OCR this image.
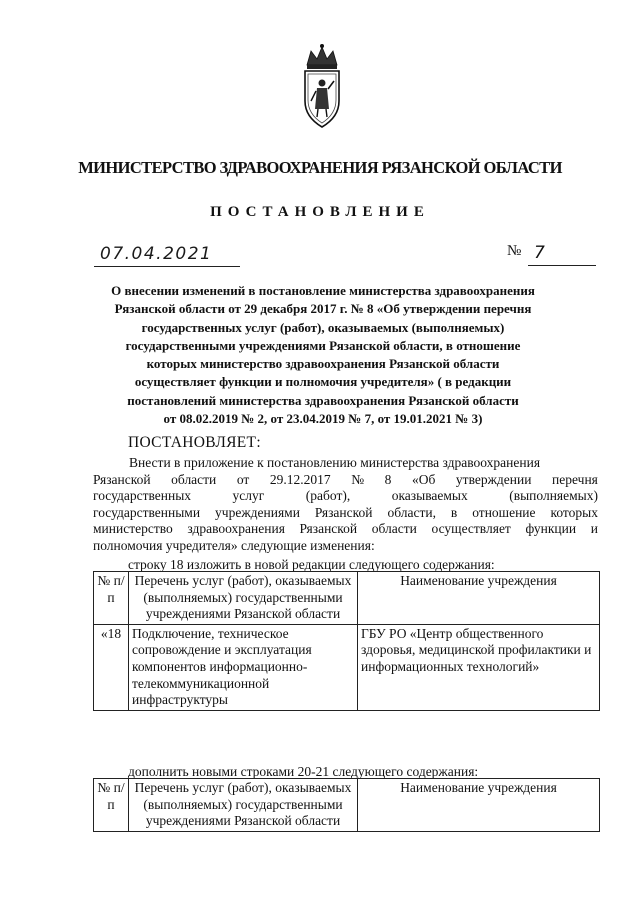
МИНИСТЕРСТВО ЗДРАВООХРАНЕНИЯ РЯЗАНСКОЙ ОБЛАСТИ
ПОСТАНОВЛЕНИЕ
07.04.2021	№ 7
О внесении изменений в постановление министерства здравоохранения
Рязанской области от 29 декабря 2017 г. № 8 «Об утверждении перечня
государственных услуг (работ), оказываемых (выполняемых)
государственными учреждениями Рязанской области, в отношение
которых министерство здравоохранения Рязанской области
осуществляет функции и полномочия учредителя» ( в редакции
постановлений министерства здравоохранения Рязанской области
от 08.02.2019 № 2, от 23.04.2019 № 7, от 19.01.2021 № 3)
ПОСТАНОВЛЯЕТ:
Внести в приложение к постановлению министерства здравоохранения
Рязанской области от 29.12.2017 № 8 «Об утверждении перечня
государственных	услуг	(работ),	оказываемых	(выполняемых)
государственными учреждениями Рязанской области, в отношение которых
министерство здравоохранения Рязанской области осуществляет функции и
полномочия учредителя» следующие изменения:
строку 18 изложить в новой редакции следующего содержания:
№ п/п	Перечень услуг (работ), оказываемых (выполняемых) государственными учреждениями Рязанской области	Наименование учреждения
«18	Подключение, техническое сопровождение и эксплуатация компонентов информационно-телекоммуникационной инфраструктуры	ГБУ РО «Центр общественного здоровья, медицинской профилактики и информационных технологий»
дополнить новыми строками 20-21 следующего содержания:
№ п/п	Перечень услуг (работ), оказываемых (выполняемых) государственными учреждениями Рязанской области	Наименование учреждения
